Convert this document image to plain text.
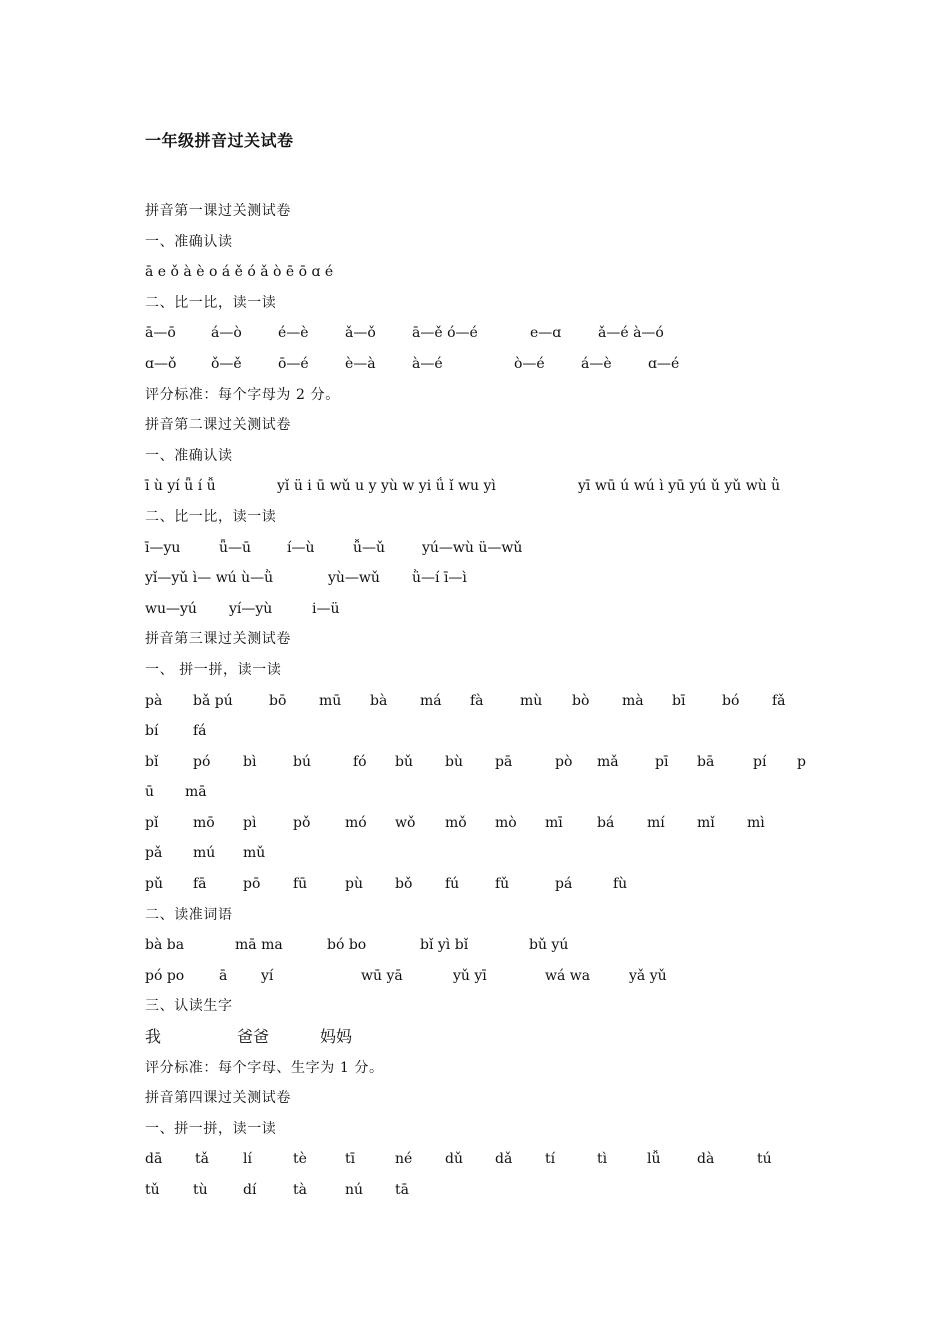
一年级拼音过关试卷
拼音第一课过关测试卷
一、准确认读
ā e ǒ à è o á ě ó ǎ ò ē ō ɑ é
二、比一比，读一读
ā—ō	á—ò	é—è	ǎ—ǒ	ā—ě ó—é	e—ɑ	ǎ—é à—ó
ɑ—ǒ ǒ—ě	ō—é	è—à	à—é	ò—é	á—è	ɑ—é
评分标准：每个字母为 2 分。
拼音第二课过关测试卷
一、准确认读
ī ù yí ǖ í ǚ	yǐ ü i ū wǔ u y yù w yi ǘ ǐ wu yì	yī wū ú wú ì yū yú ǔ yǔ wù ǜ
二、比一比，读一读
ī—yu	ǖ—ū	í—ù	ǚ—ǔ	yú—wù ü—wǔ
yǐ—yǔ ì— wú ù—ǜ	yù—wǔ ǜ—í ī—ì
wu—yú yí—yù	i—ü
拼音第三课过关测试卷
一、 拼一拼，读一读
pà bǎ pú	bō mū bà má fà	mù bò mà bī	bó fǎ
bí fá
bǐ pó bì	bú	fó bǔ bù pā	pò mǎ	pī bā	pí p
ū mā
pǐ mō pì	pǒ mó wǒ mǒ mò mī bá mí mǐ mì
pǎ mú mǔ
pǔ fā	pō fū	pù bǒ fú	fǔ	pá	fù
二、读准词语
bà ba	mā ma	bó bo	bǐ yì bǐ	bǔ yú
pó po ā yí	wū yā	yǔ yī	wá wa	yǎ yǔ
三、认读生字
我	爸爸	妈妈
评分标准：每个字母、生字为 1 分。
拼音第四课过关测试卷
一、拼一拼，读一读
dā tǎ lí	tè	tī	né dǔ dǎ tí	tì	lǚ	dà	tú
tǔ tù	dí	tà	nú tā
